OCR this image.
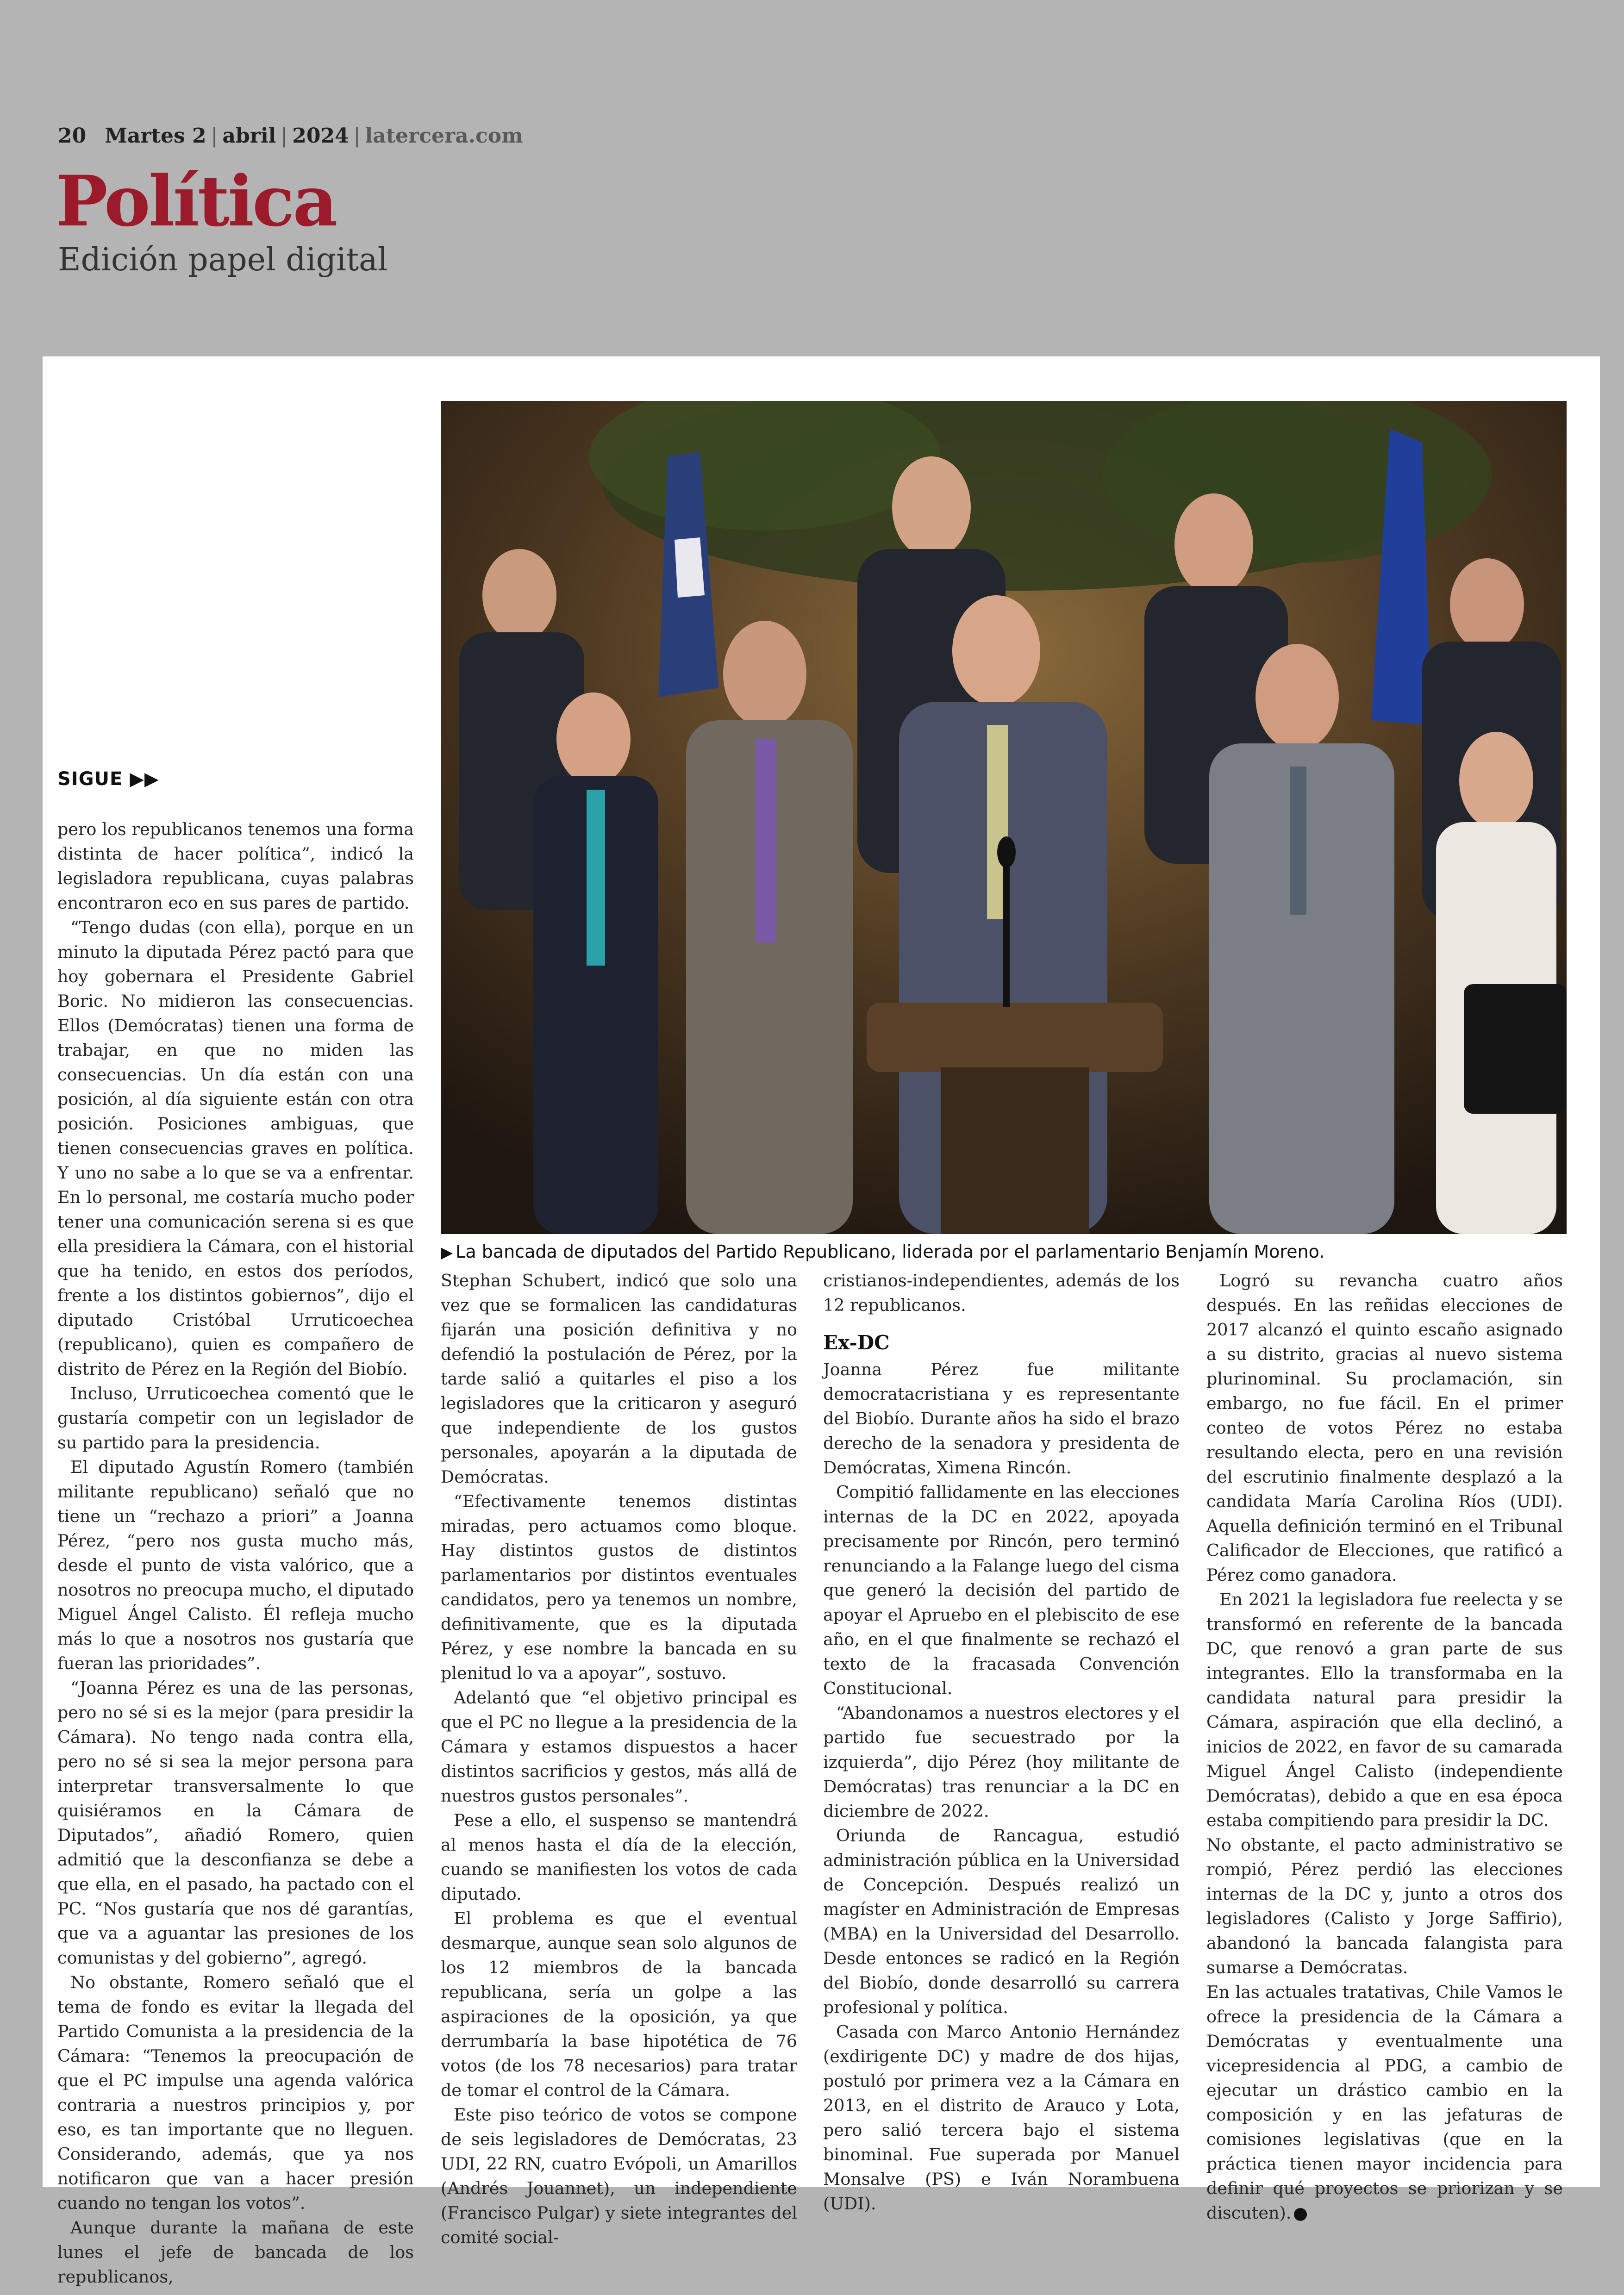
20 Martes 2 | abril | 2024 | latercera.com
Política
Edición papel digital
▶ La bancada de diputados del Partido Republicano, liderada por el parlamentario Benjamín Moreno.
SIGUE ▶▶

pero los republicanos tenemos una forma distinta de hacer política”, indicó la legisladora republicana, cuyas palabras encontraron eco en sus pares de partido.

“Tengo dudas (con ella), porque en un minuto la diputada Pérez pactó para que hoy gobernara el Presidente Gabriel Boric. No midieron las consecuencias. Ellos (Demócratas) tienen una forma de trabajar, en que no miden las consecuencias. Un día están con una posición, al día siguiente están con otra posición. Posiciones ambiguas, que tienen consecuencias graves en política. Y uno no sabe a lo que se va a enfrentar. En lo personal, me costaría mucho poder tener una comunicación serena si es que ella presidiera la Cámara, con el historial que ha tenido, en estos dos períodos, frente a los distintos gobiernos”, dijo el diputado Cristóbal Urruticoechea (republicano), quien es compañero de distrito de Pérez en la Región del Biobío.

Incluso, Urruticoechea comentó que le gustaría competir con un legislador de su partido para la presidencia.

El diputado Agustín Romero (también militante republicano) señaló que no tiene un “rechazo a priori” a Joanna Pérez, “pero nos gusta mucho más, desde el punto de vista valórico, que a nosotros no preocupa mucho, el diputado Miguel Ángel Calisto. Él refleja mucho más lo que a nosotros nos gustaría que fueran las prioridades”.

“Joanna Pérez es una de las personas, pero no sé si es la mejor (para presidir la Cámara). No tengo nada contra ella, pero no sé si sea la mejor persona para interpretar transversalmente lo que quisiéramos en la Cámara de Diputados”, añadió Romero, quien admitió que la desconfianza se debe a que ella, en el pasado, ha pactado con el PC. “Nos gustaría que nos dé garantías, que va a aguantar las presiones de los comunistas y del gobierno”, agregó.

No obstante, Romero señaló que el tema de fondo es evitar la llegada del Partido Comunista a la presidencia de la Cámara: “Tenemos la preocupación de que el PC impulse una agenda valórica contraria a nuestros principios y, por eso, es tan importante que no lleguen. Considerando, además, que ya nos notificaron que van a hacer presión cuando no tengan los votos”.

Aunque durante la mañana de este lunes el jefe de bancada de los republicanos,

Stephan Schubert, indicó que solo una vez que se formalicen las candidaturas fijarán una posición definitiva y no defendió la postulación de Pérez, por la tarde salió a quitarles el piso a los legisladores que la criticaron y aseguró que independiente de los gustos personales, apoyarán a la diputada de Demócratas.

“Efectivamente tenemos distintas miradas, pero actuamos como bloque. Hay distintos gustos de distintos parlamentarios por distintos eventuales candidatos, pero ya tenemos un nombre, definitivamente, que es la diputada Pérez, y ese nombre la bancada en su plenitud lo va a apoyar”, sostuvo.

Adelantó que “el objetivo principal es que el PC no llegue a la presidencia de la Cámara y estamos dispuestos a hacer distintos sacrificios y gestos, más allá de nuestros gustos personales”.

Pese a ello, el suspenso se mantendrá al menos hasta el día de la elección, cuando se manifiesten los votos de cada diputado.

El problema es que el eventual desmarque, aunque sean solo algunos de los 12 miembros de la bancada republicana, sería un golpe a las aspiraciones de la oposición, ya que derrumbaría la base hipotética de 76 votos (de los 78 necesarios) para tratar de tomar el control de la Cámara.

Este piso teórico de votos se compone de seis legisladores de Demócratas, 23 UDI, 22 RN, cuatro Evópoli, un Amarillos (Andrés Jouannet), un independiente (Francisco Pulgar) y siete integrantes del comité social-

cristianos-independientes, además de los 12 republicanos.

Ex-DC

Joanna Pérez fue militante democratacristiana y es representante del Biobío. Durante años ha sido el brazo derecho de la senadora y presidenta de Demócratas, Ximena Rincón.

Compitió fallidamente en las elecciones internas de la DC en 2022, apoyada precisamente por Rincón, pero terminó renunciando a la Falange luego del cisma que generó la decisión del partido de apoyar el Apruebo en el plebiscito de ese año, en el que finalmente se rechazó el texto de la fracasada Convención Constitucional.

“Abandonamos a nuestros electores y el partido fue secuestrado por la izquierda”, dijo Pérez (hoy militante de Demócratas) tras renunciar a la DC en diciembre de 2022.

Oriunda de Rancagua, estudió administración pública en la Universidad de Concepción. Después realizó un magíster en Administración de Empresas (MBA) en la Universidad del Desarrollo. Desde entonces se radicó en la Región del Biobío, donde desarrolló su carrera profesional y política.

Casada con Marco Antonio Hernández (exdirigente DC) y madre de dos hijas, postuló por primera vez a la Cámara en 2013, en el distrito de Arauco y Lota, pero salió tercera bajo el sistema binominal. Fue superada por Manuel Monsalve (PS) e Iván Norambuena (UDI).

Logró su revancha cuatro años después. En las reñidas elecciones de 2017 alcanzó el quinto escaño asignado a su distrito, gracias al nuevo sistema plurinominal. Su proclamación, sin embargo, no fue fácil. En el primer conteo de votos Pérez no estaba resultando electa, pero en una revisión del escrutinio finalmente desplazó a la candidata María Carolina Ríos (UDI). Aquella definición terminó en el Tribunal Calificador de Elecciones, que ratificó a Pérez como ganadora.

En 2021 la legisladora fue reelecta y se transformó en referente de la bancada DC, que renovó a gran parte de sus integrantes. Ello la transformaba en la candidata natural para presidir la Cámara, aspiración que ella declinó, a inicios de 2022, en favor de su camarada Miguel Ángel Calisto (independiente Demócratas), debido a que en esa época estaba compitiendo para presidir la DC.

No obstante, el pacto administrativo se rompió, Pérez perdió las elecciones internas de la DC y, junto a otros dos legisladores (Calisto y Jorge Saffirio), abandonó la bancada falangista para sumarse a Demócratas.

En las actuales tratativas, Chile Vamos le ofrece la presidencia de la Cámara a Demócratas y eventualmente una vicepresidencia al PDG, a cambio de ejecutar un drástico cambio en la composición y en las jefaturas de comisiones legislativas (que en la práctica tienen mayor incidencia para definir qué proyectos se priorizan y se discuten).
